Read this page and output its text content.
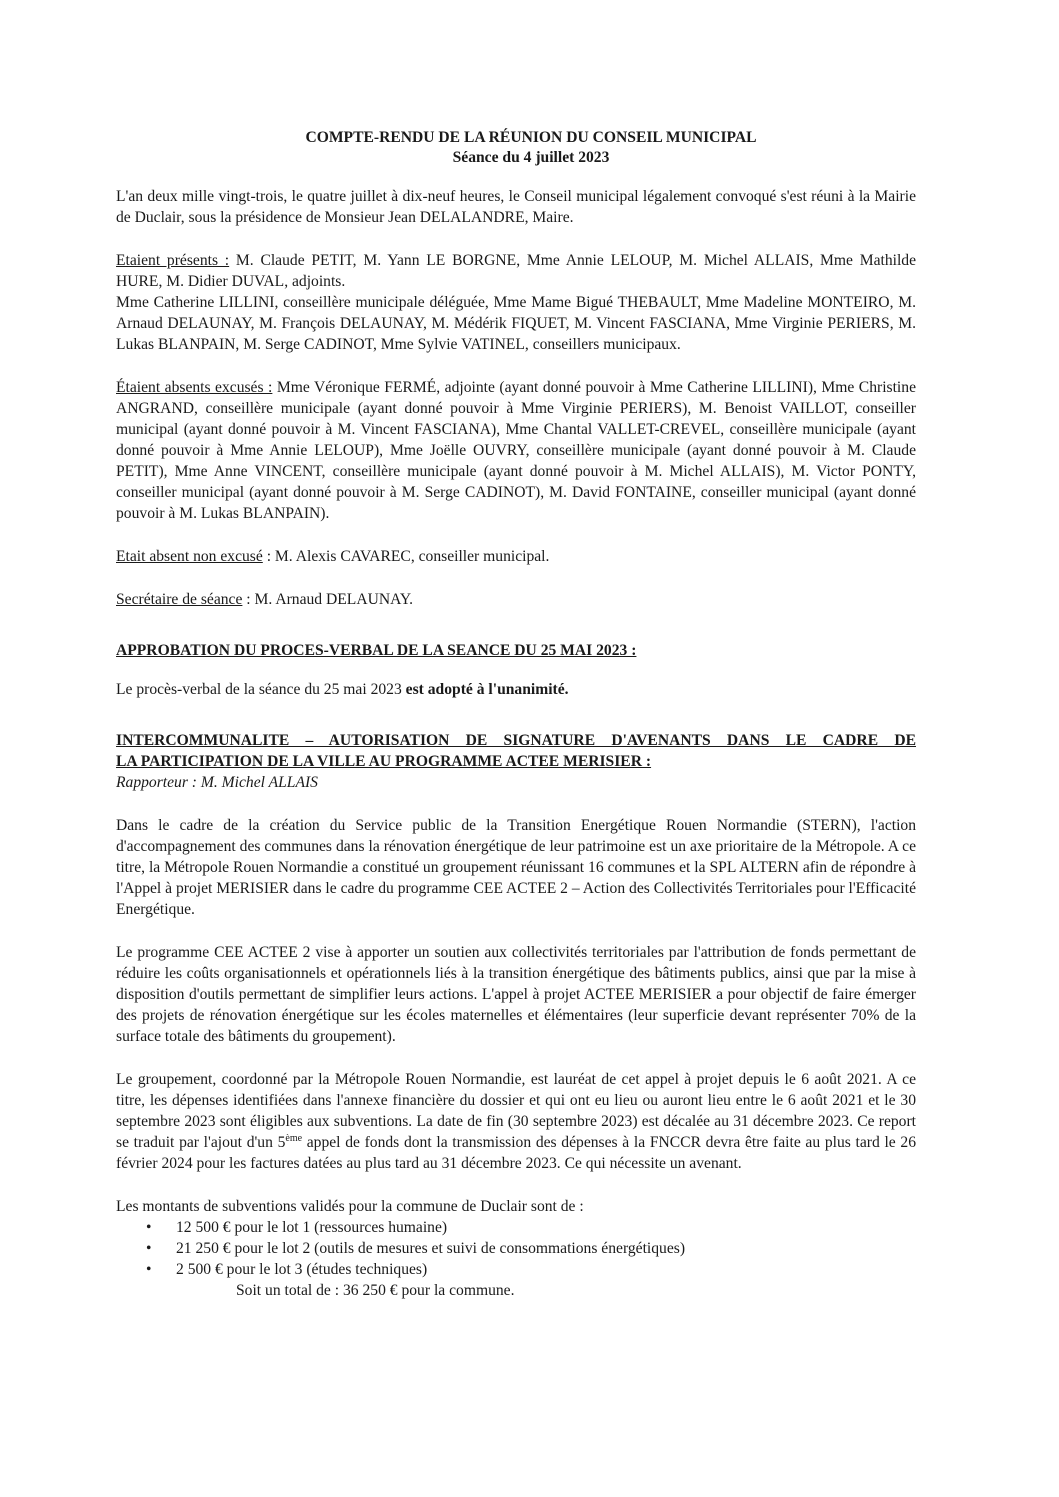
COMPTE-RENDU DE LA RÉUNION DU CONSEIL MUNICIPAL
Séance du 4 juillet 2023

L'an deux mille vingt-trois, le quatre juillet à dix-neuf heures, le Conseil municipal légalement convoqué s'est réuni à la Mairie de Duclair, sous la présidence de Monsieur Jean DELALANDRE, Maire.

Etaient présents : M. Claude PETIT, M. Yann LE BORGNE, Mme Annie LELOUP, M. Michel ALLAIS, Mme Mathilde HURE, M. Didier DUVAL, adjoints.

Mme Catherine LILLINI, conseillère municipale déléguée, Mme Mame Bigué THEBAULT, Mme Madeline MONTEIRO, M. Arnaud DELAUNAY, M. François DELAUNAY, M. Médérik FIQUET, M. Vincent FASCIANA, Mme Virginie PERIERS, M. Lukas BLANPAIN, M. Serge CADINOT, Mme Sylvie VATINEL, conseillers municipaux.

Étaient absents excusés : Mme Véronique FERMÉ, adjointe (ayant donné pouvoir à Mme Catherine LILLINI), Mme Christine ANGRAND, conseillère municipale (ayant donné pouvoir à Mme Virginie PERIERS), M. Benoist VAILLOT, conseiller municipal (ayant donné pouvoir à M. Vincent FASCIANA), Mme Chantal VALLET-CREVEL, conseillère municipale (ayant donné pouvoir à Mme Annie LELOUP), Mme Joëlle OUVRY, conseillère municipale (ayant donné pouvoir à M. Claude PETIT), Mme Anne VINCENT, conseillère municipale (ayant donné pouvoir à M. Michel ALLAIS), M. Victor PONTY, conseiller municipal (ayant donné pouvoir à M. Serge CADINOT), M. David FONTAINE, conseiller municipal (ayant donné pouvoir à M. Lukas BLANPAIN).

Etait absent non excusé : M. Alexis CAVAREC, conseiller municipal.

Secrétaire de séance : M. Arnaud DELAUNAY.

APPROBATION DU PROCES-VERBAL DE LA SEANCE DU 25 MAI 2023 :

Le procès-verbal de la séance du 25 mai 2023 est adopté à l'unanimité.

INTERCOMMUNALITE – AUTORISATION DE SIGNATURE D'AVENANTS DANS LE CADRE DE
LA PARTICIPATION DE LA VILLE AU PROGRAMME ACTEE MERISIER :

Rapporteur : M. Michel ALLAIS

Dans le cadre de la création du Service public de la Transition Energétique Rouen Normandie (STERN), l'action d'accompagnement des communes dans la rénovation énergétique de leur patrimoine est un axe prioritaire de la Métropole. A ce titre, la Métropole Rouen Normandie a constitué un groupement réunissant 16 communes et la SPL ALTERN afin de répondre à l'Appel à projet MERISIER dans le cadre du programme CEE ACTEE 2 – Action des Collectivités Territoriales pour l'Efficacité Energétique.

Le programme CEE ACTEE 2 vise à apporter un soutien aux collectivités territoriales par l'attribution de fonds permettant de réduire les coûts organisationnels et opérationnels liés à la transition énergétique des bâtiments publics, ainsi que par la mise à disposition d'outils permettant de simplifier leurs actions. L'appel à projet ACTEE MERISIER a pour objectif de faire émerger des projets de rénovation énergétique sur les écoles maternelles et élémentaires (leur superficie devant représenter 70% de la surface totale des bâtiments du groupement).

Le groupement, coordonné par la Métropole Rouen Normandie, est lauréat de cet appel à projet depuis le 6 août 2021. A ce titre, les dépenses identifiées dans l'annexe financière du dossier et qui ont eu lieu ou auront lieu entre le 6 août 2021 et le 30 septembre 2023 sont éligibles aux subventions. La date de fin (30 septembre 2023) est décalée au 31 décembre 2023. Ce report se traduit par l'ajout d'un 5ème appel de fonds dont la transmission des dépenses à la FNCCR devra être faite au plus tard le 26 février 2024 pour les factures datées au plus tard au 31 décembre 2023. Ce qui nécessite un avenant.

Les montants de subventions validés pour la commune de Duclair sont de :

• 12 500 € pour le lot 1 (ressources humaine)
• 21 250 € pour le lot 2 (outils de mesures et suivi de consommations énergétiques)
• 2 500 € pour le lot 3 (études techniques)

Soit un total de : 36 250 € pour la commune.
